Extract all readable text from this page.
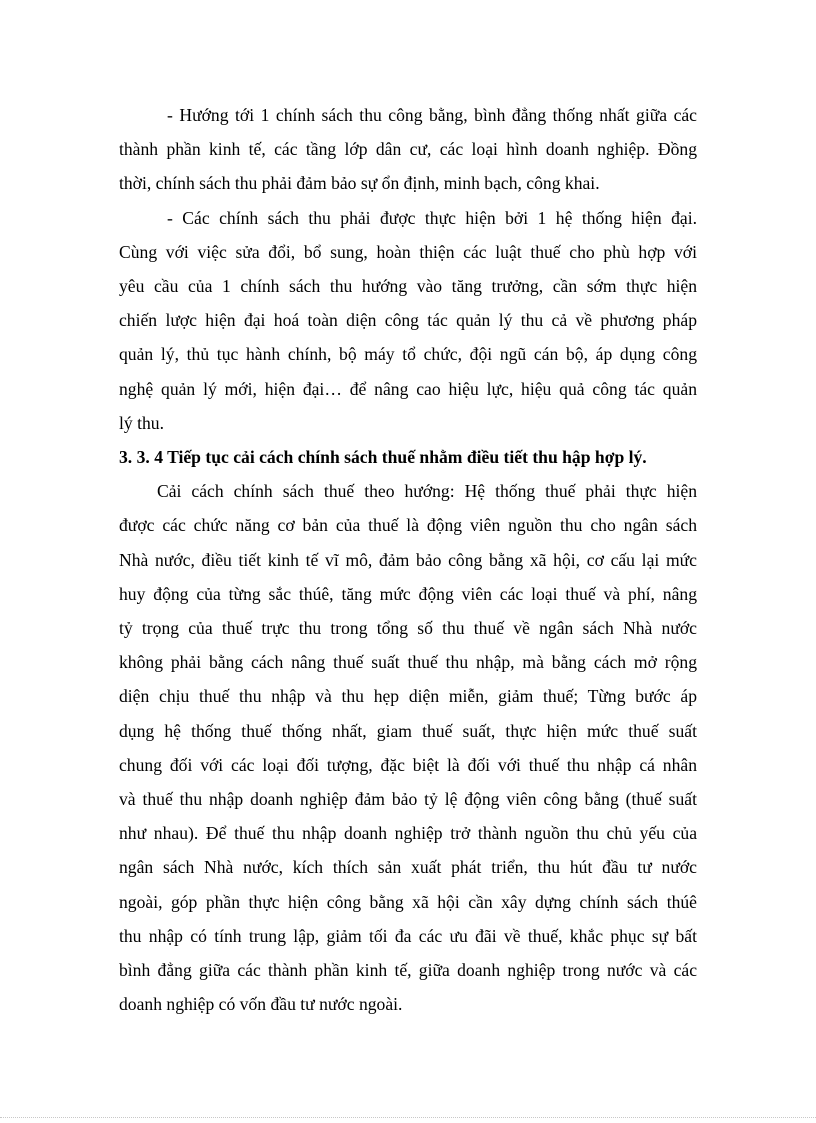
- Hướng tới 1 chính sách thu công bằng, bình đẳng thống nhất giữa các
thành phần kinh tế, các tầng lớp dân cư, các loại hình doanh nghiệp. Đồng
thời, chính sách thu phải đảm bảo sự ổn định, minh bạch, công khai.

- Các chính sách thu phải được thực hiện bởi 1 hệ thống hiện đại.
Cùng với việc sửa đổi, bổ sung, hoàn thiện các luật thuế cho phù hợp với
yêu cầu của 1 chính sách thu hướng vào tăng trưởng, cần sớm thực hiện
chiến lược hiện đại hoá toàn diện công tác quản lý thu cả về phương pháp
quản lý, thủ tục hành chính, bộ máy tổ chức, đội ngũ cán bộ, áp dụng công
nghệ quản lý mới, hiện đại… để nâng cao hiệu lực, hiệu quả công tác quản
lý thu.

3. 3. 4 Tiếp tục cải cách chính sách thuế nhằm điều tiết thu hập hợp lý.

Cải cách chính sách thuế theo hướng: Hệ thống thuế phải thực hiện
được các chức năng cơ bản của thuế là động viên nguồn thu cho ngân sách
Nhà nước, điều tiết kinh tế vĩ mô, đảm bảo công bằng xã hội, cơ cấu lại mức
huy động của từng sắc thúê, tăng mức động viên các loại thuế và phí, nâng
tỷ trọng của thuế trực thu trong tổng số thu thuế về ngân sách Nhà nước
không phải bằng cách nâng thuế suất thuế thu nhập, mà bằng cách mở rộng
diện chịu thuế thu nhập và thu hẹp diện miễn, giảm thuế; Từng bước áp
dụng hệ thống thuế thống nhất, giam thuế suất, thực hiện mức thuế suất
chung đối với các loại đối tượng, đặc biệt là đối với thuế thu nhập cá nhân
và thuế thu nhập doanh nghiệp đảm bảo tỷ lệ động viên công bằng (thuế suất
như nhau). Để thuế thu nhập doanh nghiệp trở thành nguồn thu chủ yếu của
ngân sách Nhà nước, kích thích sản xuất phát triển, thu hút đầu tư nước
ngoài, góp phần thực hiện công bằng xã hội cần xây dựng chính sách thúê
thu nhập có tính trung lập, giảm tối đa các ưu đãi về thuế, khắc phục sự bất
bình đẳng giữa các thành phần kinh tế, giữa doanh nghiệp trong nước và các
doanh nghiệp có vốn đầu tư nước ngoài.
